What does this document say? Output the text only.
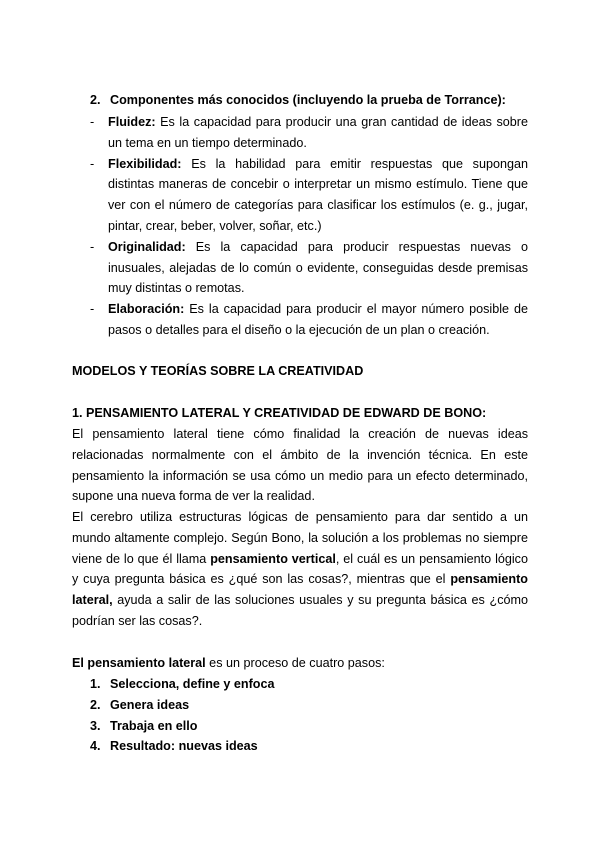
2. Componentes más conocidos (incluyendo la prueba de Torrance):
- Fluidez: Es la capacidad para producir una gran cantidad de ideas sobre un tema en un tiempo determinado.
- Flexibilidad: Es la habilidad para emitir respuestas que supongan distintas maneras de concebir o interpretar un mismo estímulo. Tiene que ver con el número de categorías para clasificar los estímulos (e. g., jugar, pintar, crear, beber, volver, soñar, etc.)
- Originalidad: Es la capacidad para producir respuestas nuevas o inusuales, alejadas de lo común o evidente, conseguidas desde premisas muy distintas o remotas.
- Elaboración: Es la capacidad para producir el mayor número posible de pasos o detalles para el diseño o la ejecución de un plan o creación.
MODELOS Y TEORÍAS SOBRE LA CREATIVIDAD
1. PENSAMIENTO LATERAL Y CREATIVIDAD DE EDWARD DE BONO:
El pensamiento lateral tiene cómo finalidad la creación de nuevas ideas relacionadas normalmente con el ámbito de la invención técnica. En este pensamiento la información se usa cómo un medio para un efecto determinado, supone una nueva forma de ver la realidad.
El cerebro utiliza estructuras lógicas de pensamiento para dar sentido a un mundo altamente complejo. Según Bono, la solución a los problemas no siempre viene de lo que él llama pensamiento vertical, el cuál es un pensamiento lógico y cuya pregunta básica es ¿qué son las cosas?, mientras que el pensamiento lateral, ayuda a salir de las soluciones usuales y su pregunta básica es ¿cómo podrían ser las cosas?.
El pensamiento lateral es un proceso de cuatro pasos:
1. Selecciona, define y enfoca
2. Genera ideas
3. Trabaja en ello
4. Resultado: nuevas ideas
